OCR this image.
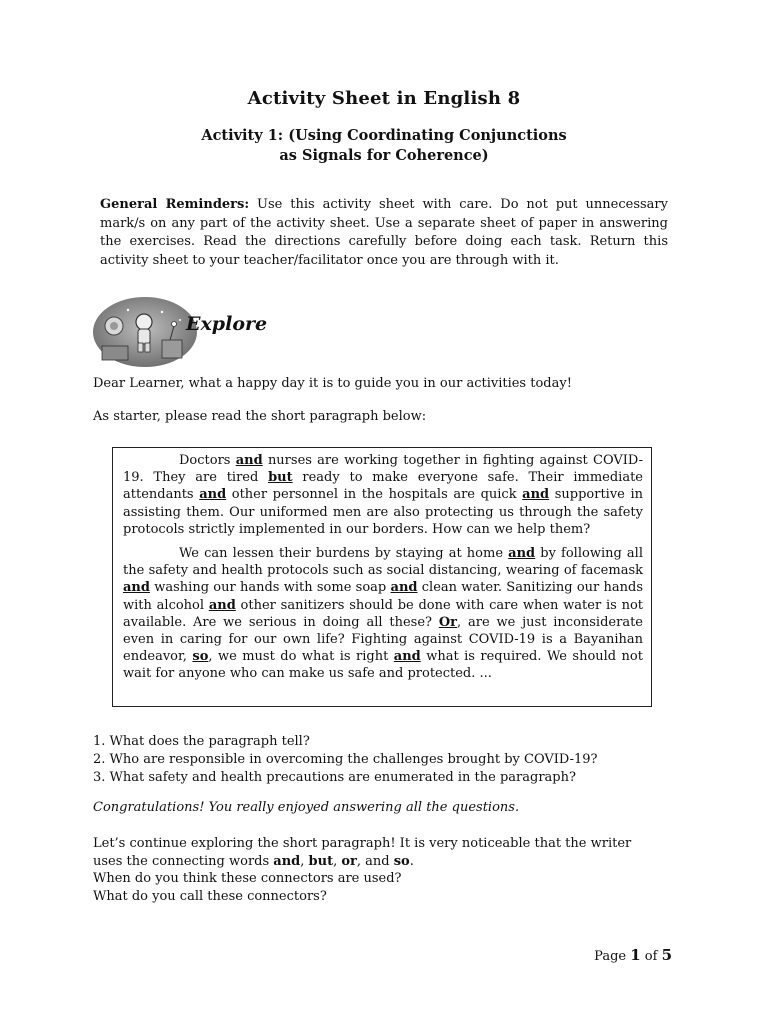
Activity Sheet in English 8
Activity 1: (Using Coordinating Conjunctions
as Signals for Coherence)
General Reminders: Use this activity sheet with care. Do not put unnecessary mark/s on any part of the activity sheet. Use a separate sheet of paper in answering the exercises. Read the directions carefully before doing each task. Return this activity sheet to your teacher/facilitator once you are through with it.
Explore
Dear Learner, what a happy day it is to guide you in our activities today!
As starter, please read the short paragraph below:

Doctors and nurses are working together in fighting against COVID-19. They are tired but ready to make everyone safe. Their immediate attendants and other personnel in the hospitals are quick and supportive in assisting them. Our uniformed men are also protecting us through the safety protocols strictly implemented in our borders. How can we help them?

We can lessen their burdens by staying at home and by following all the safety and health protocols such as social distancing, wearing of facemask and washing our hands with some soap and clean water. Sanitizing our hands with alcohol and other sanitizers should be done with care when water is not available. Are we serious in doing all these? Or, are we just inconsiderate even in caring for our own life? Fighting against COVID-19 is a Bayanihan endeavor, so, we must do what is right and what is required. We should not wait for anyone who can make us safe and protected. ...

1. What does the paragraph tell?
2. Who are responsible in overcoming the challenges brought by COVID-19?
3. What safety and health precautions are enumerated in the paragraph?
Congratulations! You really enjoyed answering all the questions.
Let’s continue exploring the short paragraph! It is very noticeable that the writer
uses the connecting words and, but, or, and so.
When do you think these connectors are used?
What do you call these connectors?
Page 1 of 5
